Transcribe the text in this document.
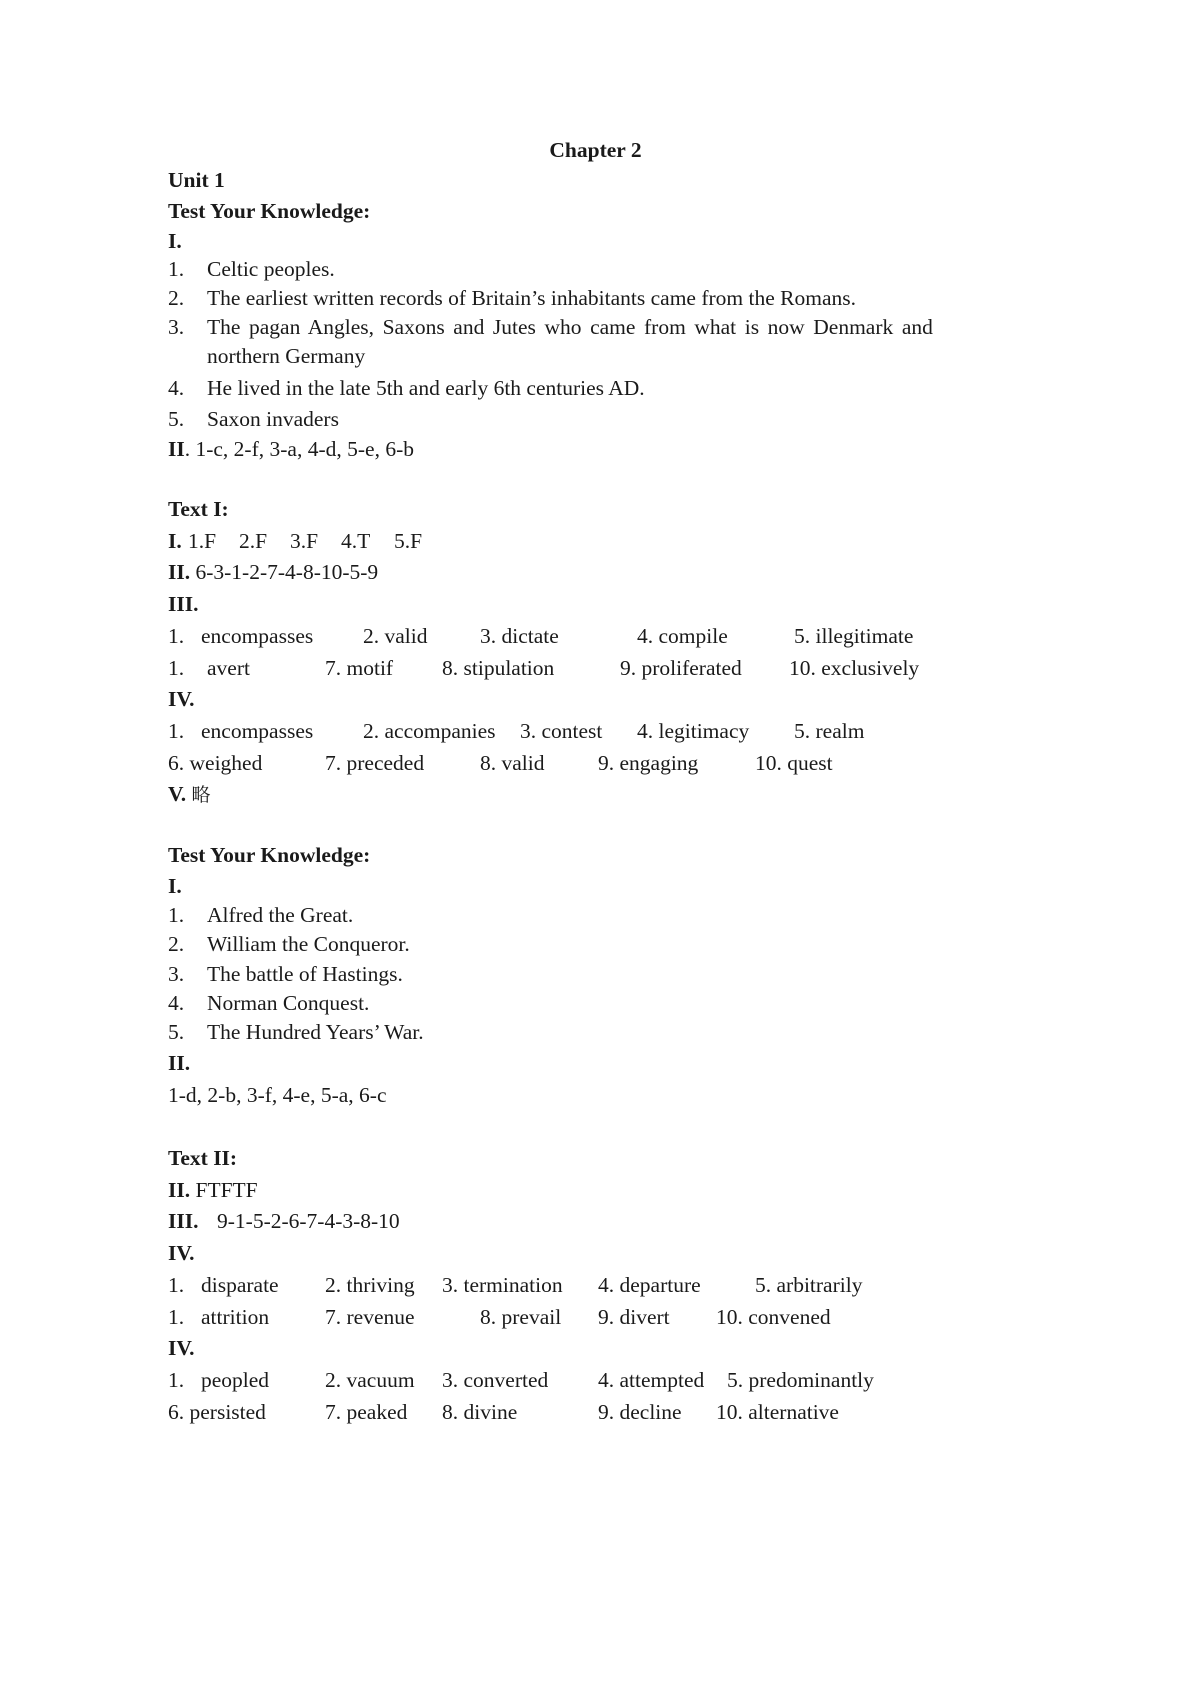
Chapter 2
Unit 1
Test Your Knowledge:
I.
1. Celtic peoples.
2. The earliest written records of Britain’s inhabitants came from the Romans.
3. The pagan Angles, Saxons and Jutes who came from what is now Denmark and
northern Germany
4. He lived in the late 5th and early 6th centuries AD.
5. Saxon invaders
II. 1-c, 2-f, 3-a, 4-d, 5-e, 6-b
Text I:
I. 1.F 2.F 3.F 4.T 5.F
II. 6-3-1-2-7-4-8-10-5-9
III.
1. encompasses 2. valid 3. dictate	4. compile	5. illegitimate
1. avert	7. motif 8. stipulation	9. proliferated 10. exclusively
IV.
1. encompasses 2. accompanies 3. contest 4. legitimacy 5. realm
6. weighed	7. preceded	8. valid 9. engaging	10. quest
V. 略
Test Your Knowledge:
I.
1. Alfred the Great.
2. William the Conqueror.
3. The battle of Hastings.
4. Norman Conquest.
5. The Hundred Years’ War.
II.
1-d, 2-b, 3-f, 4-e, 5-a, 6-c
Text II:
II. FTFTF
III. 9-1-5-2-6-7-4-3-8-10
IV.
1. disparate 2. thriving 3. termination 4. departure	5. arbitrarily
1. attrition	7. revenue	8. prevail 9. divert 10. convened
IV.
1. peopled	2. vacuum 3. converted 4. attempted 5. predominantly
6. persisted	7. peaked 8. divine	9. decline 10. alternative
